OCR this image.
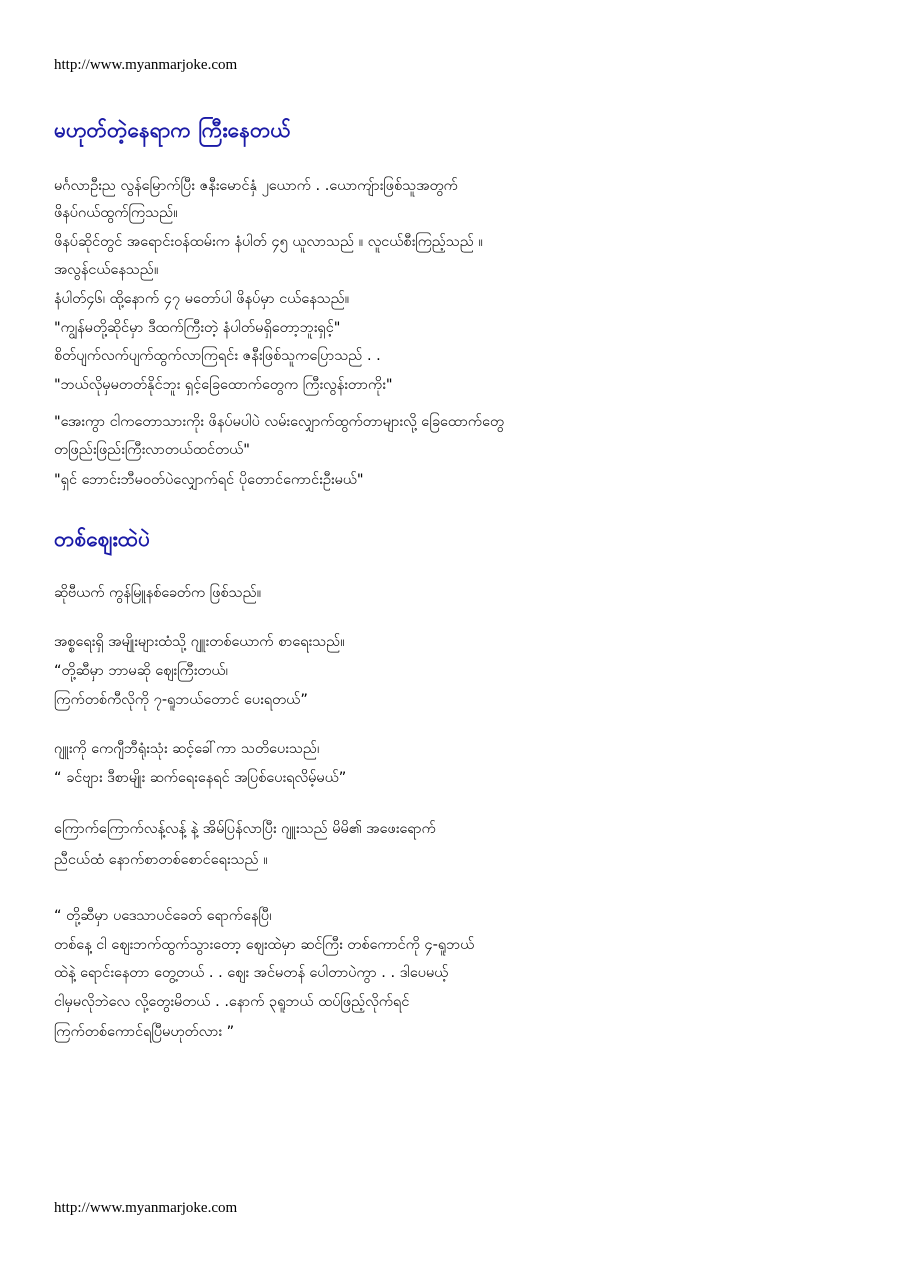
http://www.myanmarjoke.com
မဟုတ်တဲ့နေရာက ကြီးနေတယ်
မင်္ဂလာဦးည လွန်မြောက်ပြီး ဇနီးမောင်နှံ ၂ယောက် . .ယောကျ်ားဖြစ်သူအတွက်
ဖိနပ်ဂယ်ထွက်ကြသည်။
ဖိနပ်ဆိုင်တွင် အရောင်းဝန်ထမ်းက နံပါတ် ၄၅ ယူလာသည် ။ လူငယ်စီးကြည့်သည် ။
အလွန်ငယ်နေသည်။
နံပါတ်၄၆၊ ထို့နောက် ၄၇ မတော်ပါ ဖိနပ်မှာ ငယ်နေသည်။
"ကျွန်မတို့ဆိုင်မှာ ဒီထက်ကြီးတဲ့ နံပါတ်မရှိတော့ဘူးရှင့်"
စိတ်ပျက်လက်ပျက်ထွက်လာကြရင်း ဇနီးဖြစ်သူကပြောသည် . .
"ဘယ်လိုမှမတတ်နိုင်ဘူး ရှင့်ခြေထောက်တွေက ကြီးလွန်းတာကိုး"
"အေးကွာ ငါကတောသားကိုး ဖိနပ်မပါပဲ လမ်းလျှောက်ထွက်တာများလို့ ခြေထောက်တွေ
တဖြည်းဖြည်းကြီးလာတယ်ထင်တယ်"
"ရှင် ဘောင်းဘီမဝတ်ပဲလျှောက်ရင် ပိုတောင်ကောင်းဦးမယ်"
တစ်ဈေးထဲပဲ
ဆိုဗီယက် ကွန်မြူနစ်ခေတ်က ဖြစ်သည်။
အစ္စရေးရှိ အမျိုးများထံသို့ ဂျူးတစ်ယောက် စာရေးသည်။
“တို့ဆီမှာ ဘာမဆို ဈေးကြီးတယ်၊
ကြက်တစ်ကီလိုကို ၇-ရူဘယ်တောင် ပေးရတယ်”
ဂျူးကို ကေဂျီဘီရုံးသုံး ဆင့်ခေါ်ကာ သတိပေးသည်၊
“ ခင်ဗျား ဒီစာမျိုး ဆက်ရေးနေရင် အပြစ်ပေးရလိမ့်မယ်”
ကြောက်ကြောက်လန့်လန့် နဲ့ အိမ်ပြန်လာပြီး ဂျူးသည် မိမိ၏ အဖေးရောက်
ညီငယ်ထံ နောက်စာတစ်စောင်ရေးသည် ။
“ တို့ဆီမှာ ပဒေသာပင်ခေတ် ရောက်နေပြီ၊
တစ်နေ့ ငါ ဈေးဘက်ထွက်သွားတော့ ဈေးထဲမှာ ဆင်ကြီး တစ်ကောင်ကို ၄-ရူဘယ်
ထဲနဲ့ ရောင်းနေတာ တွေ့တယ် . . ဈေး အင်မတန် ပေါတာပဲကွာ . . ဒါပေမယ့်
ငါမှမလိုဘဲလေ လို့တွေးမိတယ် . .နောက် ၃ရူဘယ် ထပ်ဖြည့်လိုက်ရင်
ကြက်တစ်ကောင်ရပြီမဟုတ်လား ”
http://www.myanmarjoke.com
